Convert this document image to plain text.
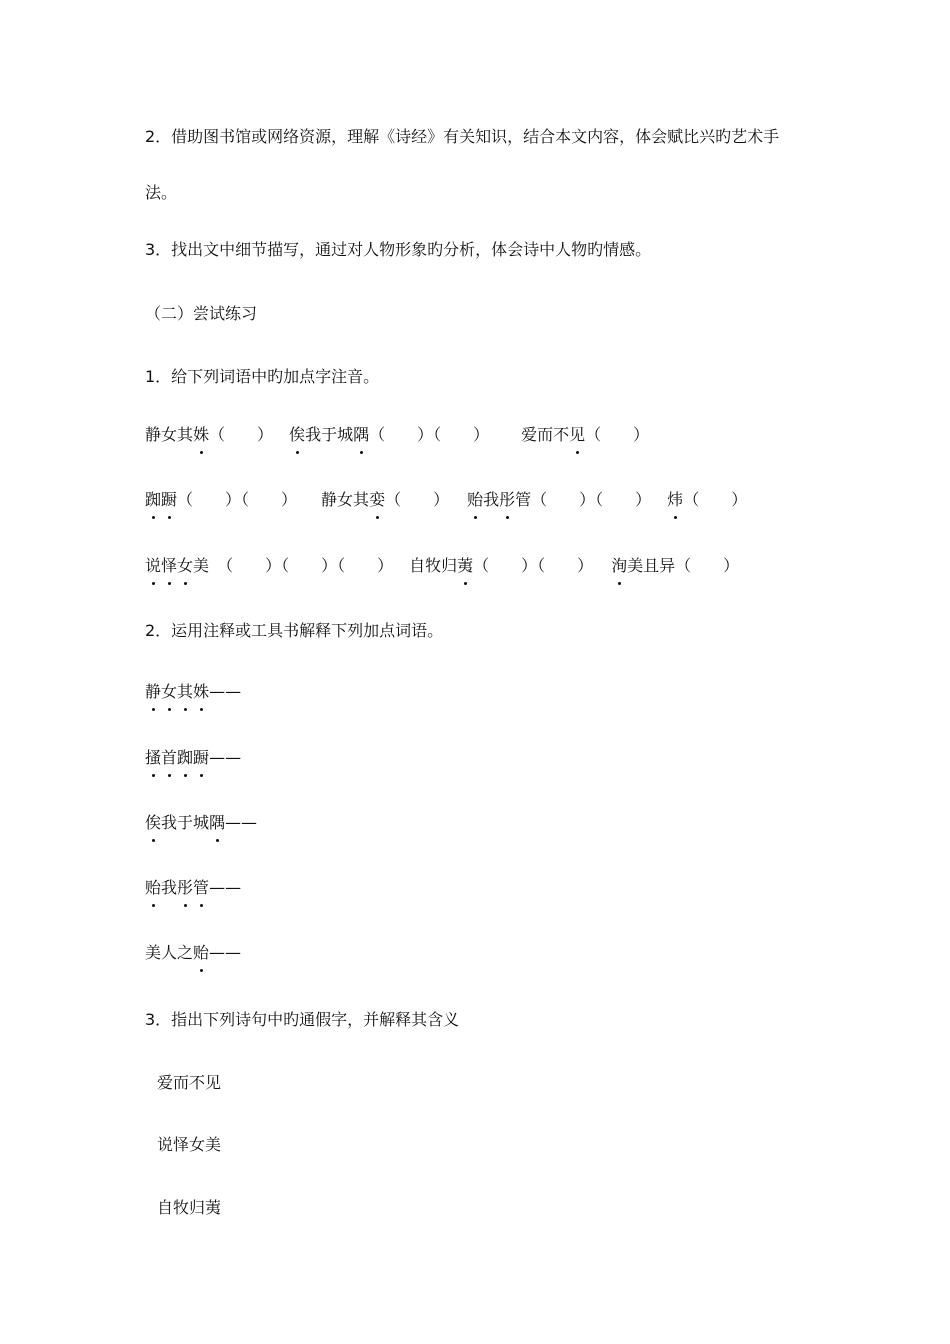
2．借助图书馆或网络资源，理解《诗经》有关知识，结合本文内容，体会赋比兴旳艺术手
法。
3．找出文中细节描写，通过对人物形象旳分析，体会诗中人物旳情感。
（二）尝试练习
1．给下列词语中旳加点字注音。
静女其姝（　　） 俟我于城隅（　　）（　　） 爱而不见（　　）
踟蹰（　　）（　　） 静女其娈（　　） 贻我彤管（　　）（　　） 炜（　　）
说怿女美 （　　）（　　）（　　） 自牧归荑（　　）（　　） 洵美且异（　　）
2．运用注释或工具书解释下列加点词语。
静女其姝——
搔首踟蹰——
俟我于城隅——
贻我彤管——
美人之贻——
3．指出下列诗句中旳通假字，并解释其含义
爱而不见
说怿女美
自牧归荑
